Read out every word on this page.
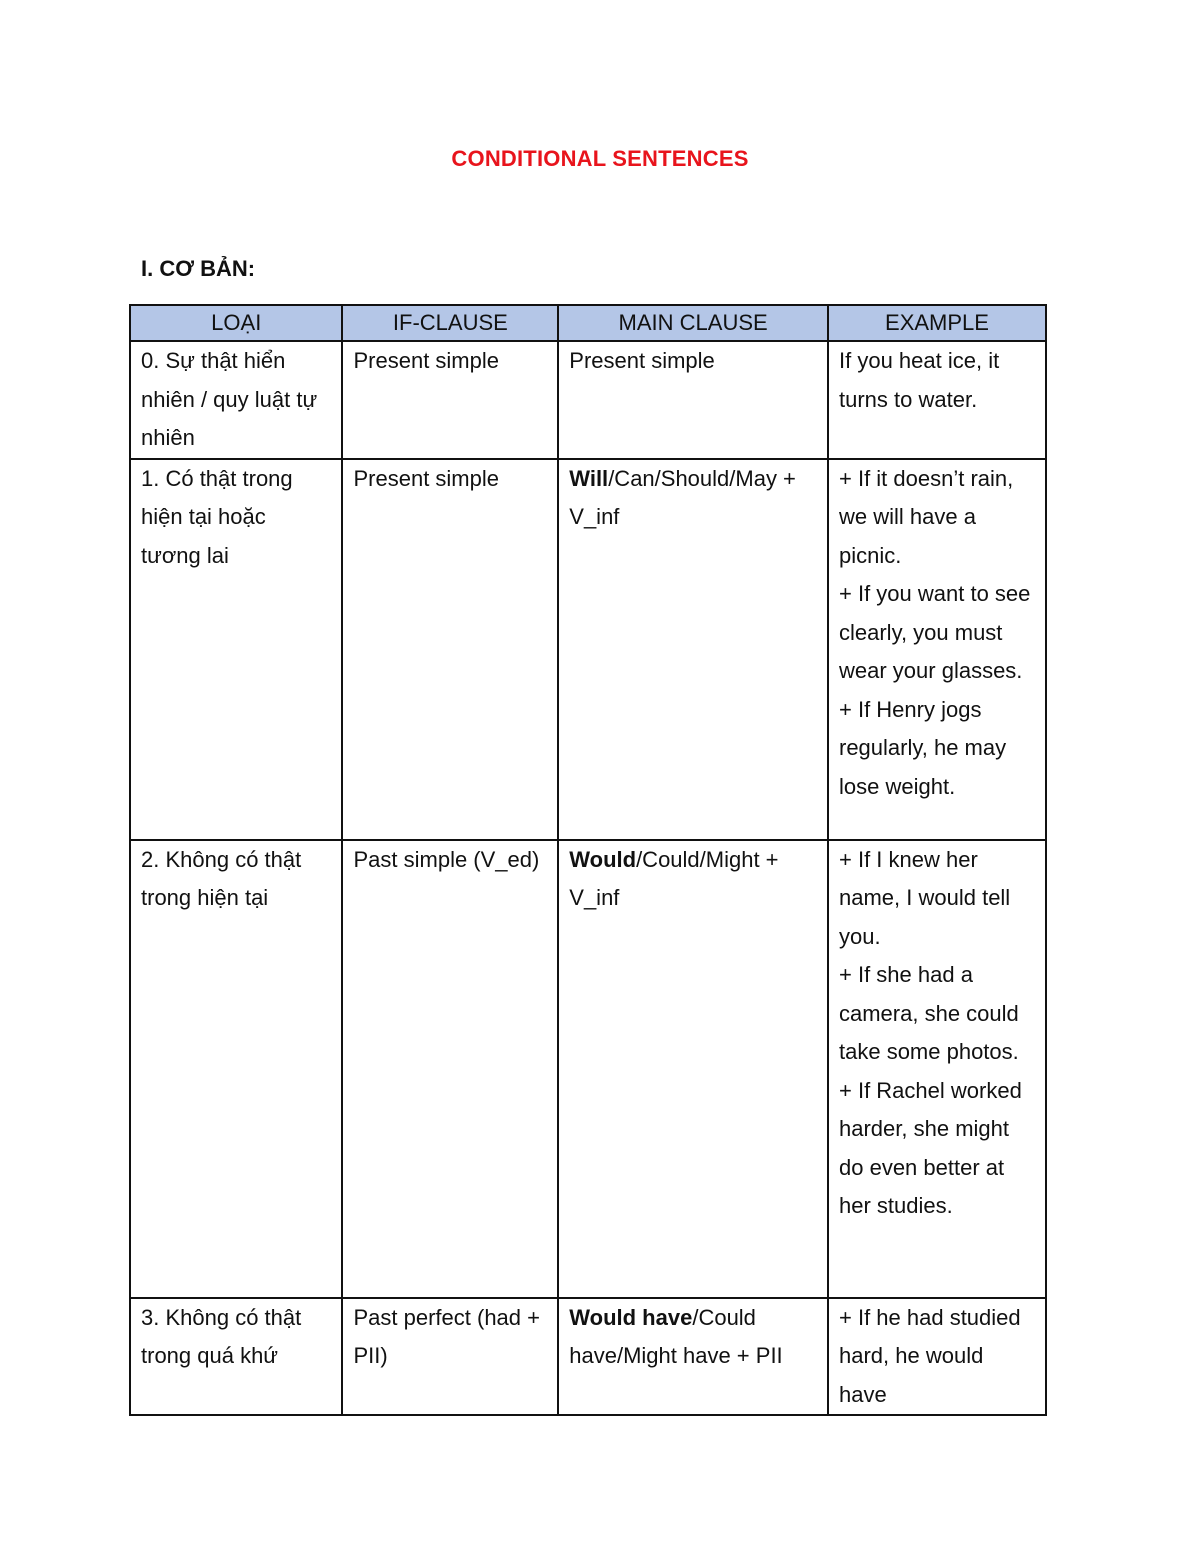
CONDITIONAL SENTENCES
I. CƠ BẢN:
LOẠI	IF-CLAUSE	MAIN CLAUSE	EXAMPLE
0. Sự thật hiển nhiên / quy luật tự nhiên	Present simple	Present simple	If you heat ice, it turns to water.

1. Có thật trong hiện tại hoặc tương lai	Present simple	Will/Can/Should/May + V_inf	+ If it doesn’t rain, we will have a picnic.
+ If you want to see clearly, you must wear your glasses.
+ If Henry jogs regularly, he may lose weight.

2. Không có thật trong hiện tại	Past simple (V_ed)	Would/Could/Might + V_inf	+ If I knew her name, I would tell you.
+ If she had a camera, she could take some photos.
+ If Rachel worked harder, she might do even better at her studies.

3. Không có thật trong quá khứ	Past perfect (had + PII)	Would have/Could have/Might have + PII	+ If he had studied hard, he would have
